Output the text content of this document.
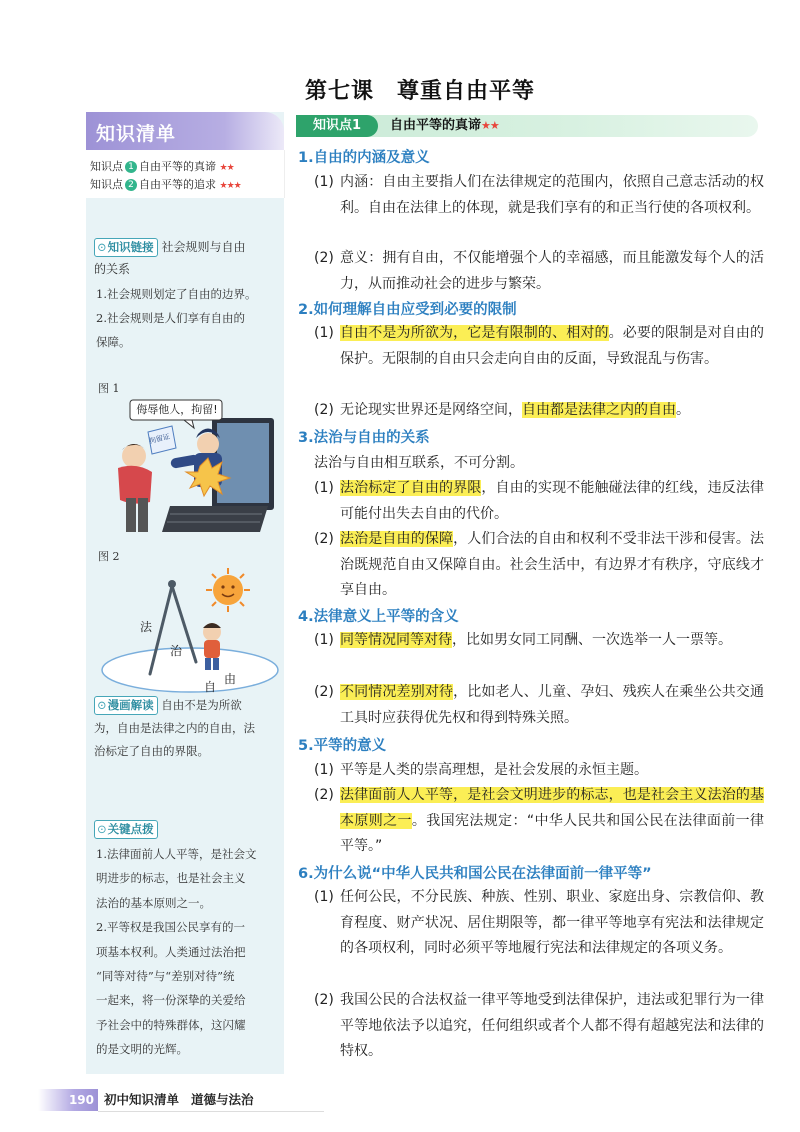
第七课　尊重自由平等
知识清单
知识点 1 自由平等的真谛 ★★
知识点 2 自由平等的追求 ★★★
⊙知识链接 社会规则与自由
的关系
1.社会规则划定了自由的边界。
2.社会规则是人们享有自由的
保障。
图 1
侮辱他人，拘留!
拘留证
图 2
法
治
自
由
⊙漫画解读 自由不是为所欲
为，自由是法律之内的自由，法
治标定了自由的界限。
⊙关键点拨
1.法律面前人人平等，是社会文
明进步的标志，也是社会主义
法治的基本原则之一。
2.平等权是我国公民享有的一
项基本权利。人类通过法治把
“同等对待”与“差别对待”统
一起来，将一份深挚的关爱给
予社会中的特殊群体，这闪耀
的是文明的光辉。
知识点1	自由平等的真谛★★
1.自由的内涵及意义
(1) 内涵：自由主要指人们在法律规定的范围内，依照自己意志活动的权利。自由在法律上的体现，就是我们享有的和正当行使的各项权利。
(2) 意义：拥有自由，不仅能增强个人的幸福感，而且能激发每个人的活力，从而推动社会的进步与繁荣。
2.如何理解自由应受到必要的限制
(1) 自由不是为所欲为，它是有限制的、相对的。必要的限制是对自由的保护。无限制的自由只会走向自由的反面，导致混乱与伤害。
(2) 无论现实世界还是网络空间，自由都是法律之内的自由。
3.法治与自由的关系
法治与自由相互联系，不可分割。
(1) 法治标定了自由的界限，自由的实现不能触碰法律的红线，违反法律可能付出失去自由的代价。
(2) 法治是自由的保障，人们合法的自由和权利不受非法干涉和侵害。法治既规范自由又保障自由。社会生活中，有边界才有秩序，守底线才享自由。
4.法律意义上平等的含义
(1) 同等情况同等对待，比如男女同工同酬、一次选举一人一票等。
(2) 不同情况差别对待，比如老人、儿童、孕妇、残疾人在乘坐公共交通工具时应获得优先权和得到特殊关照。
5.平等的意义
(1) 平等是人类的崇高理想，是社会发展的永恒主题。
(2) 法律面前人人平等，是社会文明进步的标志，也是社会主义法治的基本原则之一。我国宪法规定：“中华人民共和国公民在法律面前一律平等。”
6.为什么说“中华人民共和国公民在法律面前一律平等”
(1) 任何公民，不分民族、种族、性别、职业、家庭出身、宗教信仰、教育程度、财产状况、居住期限等，都一律平等地享有宪法和法律规定的各项权利，同时必须平等地履行宪法和法律规定的各项义务。
(2) 我国公民的合法权益一律平等地受到法律保护，违法或犯罪行为一律平等地依法予以追究，任何组织或者个人都不得有超越宪法和法律的特权。
190 初中知识清单 道德与法治
